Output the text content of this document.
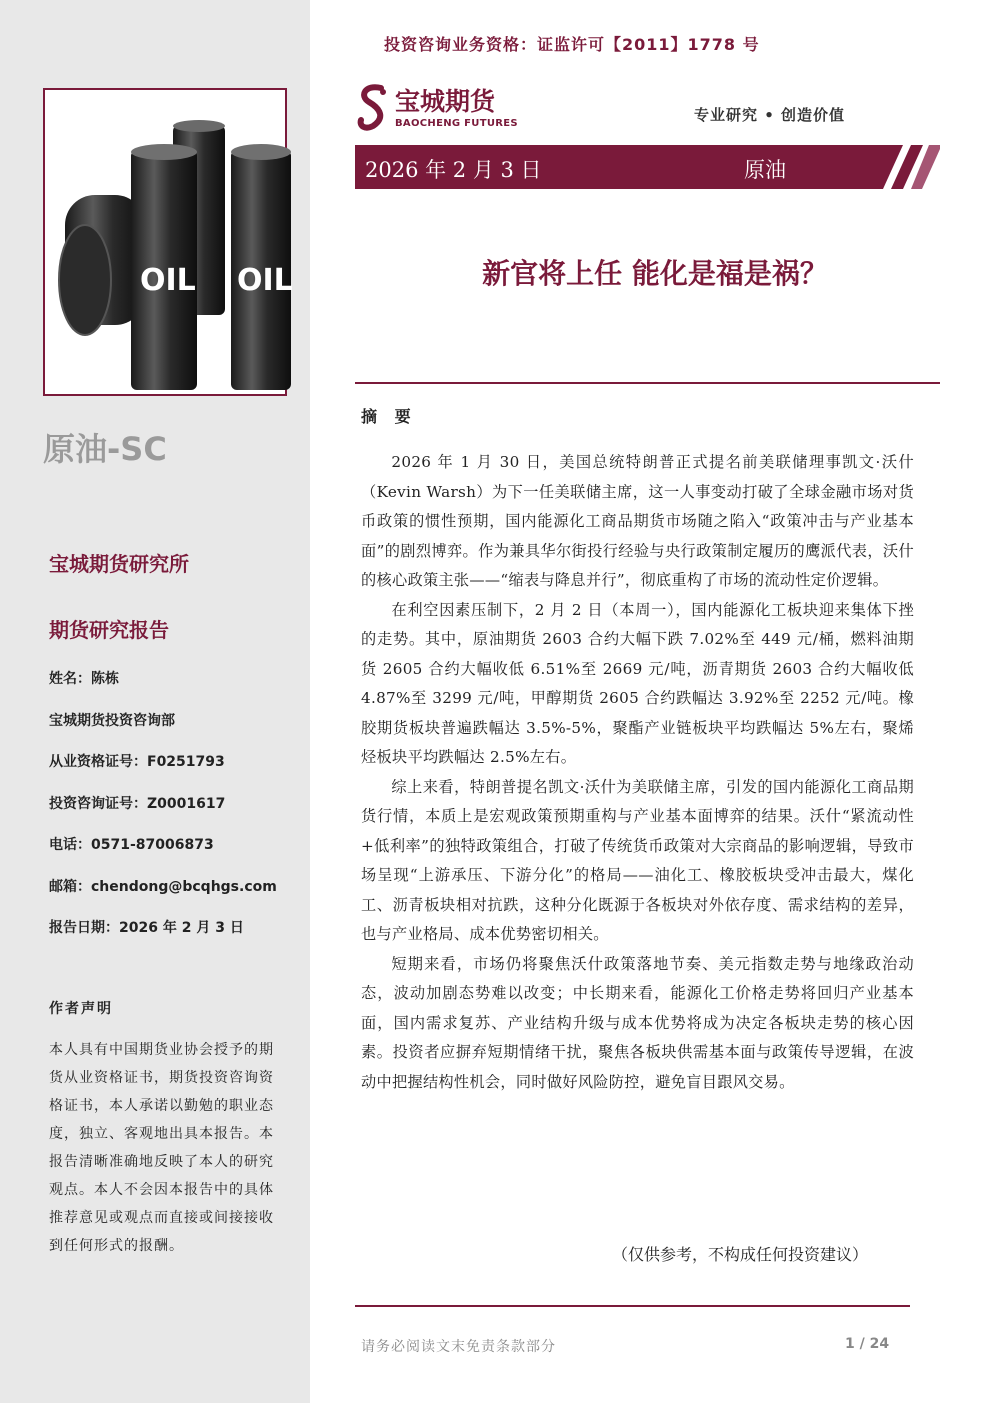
OIL OIL
原油-SC
宝城期货研究所
期货研究报告
姓名：陈栋
宝城期货投资咨询部
从业资格证号：F0251793
投资咨询证号：Z0001617
电话：0571-87006873
邮箱：chendong@bcqhgs.com
报告日期：2026 年 2 月 3 日
作者声明
本人具有中国期货业协会授予的期货从业资格证书，期货投资咨询资格证书，本人承诺以勤勉的职业态度，独立、客观地出具本报告。本报告清晰准确地反映了本人的研究观点。本人不会因本报告中的具体推荐意见或观点而直接或间接接收到任何形式的报酬。
投资咨询业务资格：证监许可【2011】1778 号
宝城期货
BAOCHENG FUTURES	专业研究 • 创造价值
2026 年 2 月 3 日	原油
新官将上任 能化是福是祸？
摘 要

2026 年 1 月 30 日，美国总统特朗普正式提名前美联储理事凯文·沃什（Kevin Warsh）为下一任美联储主席，这一人事变动打破了全球金融市场对货币政策的惯性预期，国内能源化工商品期货市场随之陷入“政策冲击与产业基本面”的剧烈博弈。作为兼具华尔街投行经验与央行政策制定履历的鹰派代表，沃什的核心政策主张——“缩表与降息并行”，彻底重构了市场的流动性定价逻辑。

在利空因素压制下，2 月 2 日（本周一），国内能源化工板块迎来集体下挫的走势。其中，原油期货 2603 合约大幅下跌 7.02%至 449 元/桶，燃料油期货 2605 合约大幅收低 6.51%至 2669 元/吨，沥青期货 2603 合约大幅收低 4.87%至 3299 元/吨，甲醇期货 2605 合约跌幅达 3.92%至 2252 元/吨。橡胶期货板块普遍跌幅达 3.5%-5%，聚酯产业链板块平均跌幅达 5%左右，聚烯烃板块平均跌幅达 2.5%左右。

综上来看，特朗普提名凯文·沃什为美联储主席，引发的国内能源化工商品期货行情，本质上是宏观政策预期重构与产业基本面博弈的结果。沃什“紧流动性+低利率”的独特政策组合，打破了传统货币政策对大宗商品的影响逻辑，导致市场呈现“上游承压、下游分化”的格局——油化工、橡胶板块受冲击最大，煤化工、沥青板块相对抗跌，这种分化既源于各板块对外依存度、需求结构的差异，也与产业格局、成本优势密切相关。

短期来看，市场仍将聚焦沃什政策落地节奏、美元指数走势与地缘政治动态，波动加剧态势难以改变；中长期来看，能源化工价格走势将回归产业基本面，国内需求复苏、产业结构升级与成本优势将成为决定各板块走势的核心因素。投资者应摒弃短期情绪干扰，聚焦各板块供需基本面与政策传导逻辑，在波动中把握结构性机会，同时做好风险防控，避免盲目跟风交易。

（仅供参考，不构成任何投资建议）
请务必阅读文末免责条款部分	1 / 24
